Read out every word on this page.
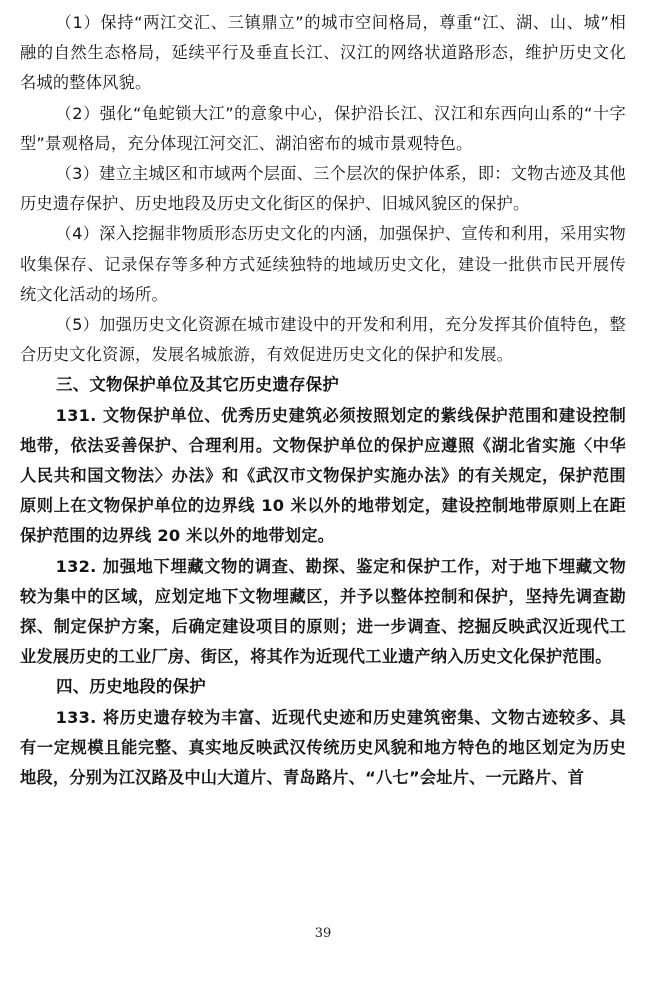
（1）保持“两江交汇、三镇鼎立”的城市空间格局，尊重“江、湖、山、城”相融的自然生态格局，延续平行及垂直长江、汉江的网络状道路形态，维护历史文化名城的整体风貌。

（2）强化“龟蛇锁大江”的意象中心，保护沿长江、汉江和东西向山系的“十字型”景观格局，充分体现江河交汇、湖泊密布的城市景观特色。

（3）建立主城区和市域两个层面、三个层次的保护体系，即：文物古迹及其他历史遗存保护、历史地段及历史文化街区的保护、旧城风貌区的保护。

（4）深入挖掘非物质形态历史文化的内涵，加强保护、宣传和利用，采用实物收集保存、记录保存等多种方式延续独特的地域历史文化，建设一批供市民开展传统文化活动的场所。

（5）加强历史文化资源在城市建设中的开发和利用，充分发挥其价值特色，整合历史文化资源，发展名城旅游，有效促进历史文化的保护和发展。

三、文物保护单位及其它历史遗存保护

131. 文物保护单位、优秀历史建筑必须按照划定的紫线保护范围和建设控制地带，依法妥善保护、合理利用。文物保护单位的保护应遵照《湖北省实施〈中华人民共和国文物法〉办法》和《武汉市文物保护实施办法》的有关规定，保护范围原则上在文物保护单位的边界线 10 米以外的地带划定，建设控制地带原则上在距保护范围的边界线 20 米以外的地带划定。

132. 加强地下埋藏文物的调查、勘探、鉴定和保护工作，对于地下埋藏文物较为集中的区域，应划定地下文物埋藏区，并予以整体控制和保护，坚持先调查勘探、制定保护方案，后确定建设项目的原则；进一步调查、挖掘反映武汉近现代工业发展历史的工业厂房、街区，将其作为近现代工业遗产纳入历史文化保护范围。

四、历史地段的保护

133. 将历史遗存较为丰富、近现代史迹和历史建筑密集、文物古迹较多、具有一定规模且能完整、真实地反映武汉传统历史风貌和地方特色的地区划定为历史地段，分别为江汉路及中山大道片、青岛路片、“八七”会址片、一元路片、首

39
